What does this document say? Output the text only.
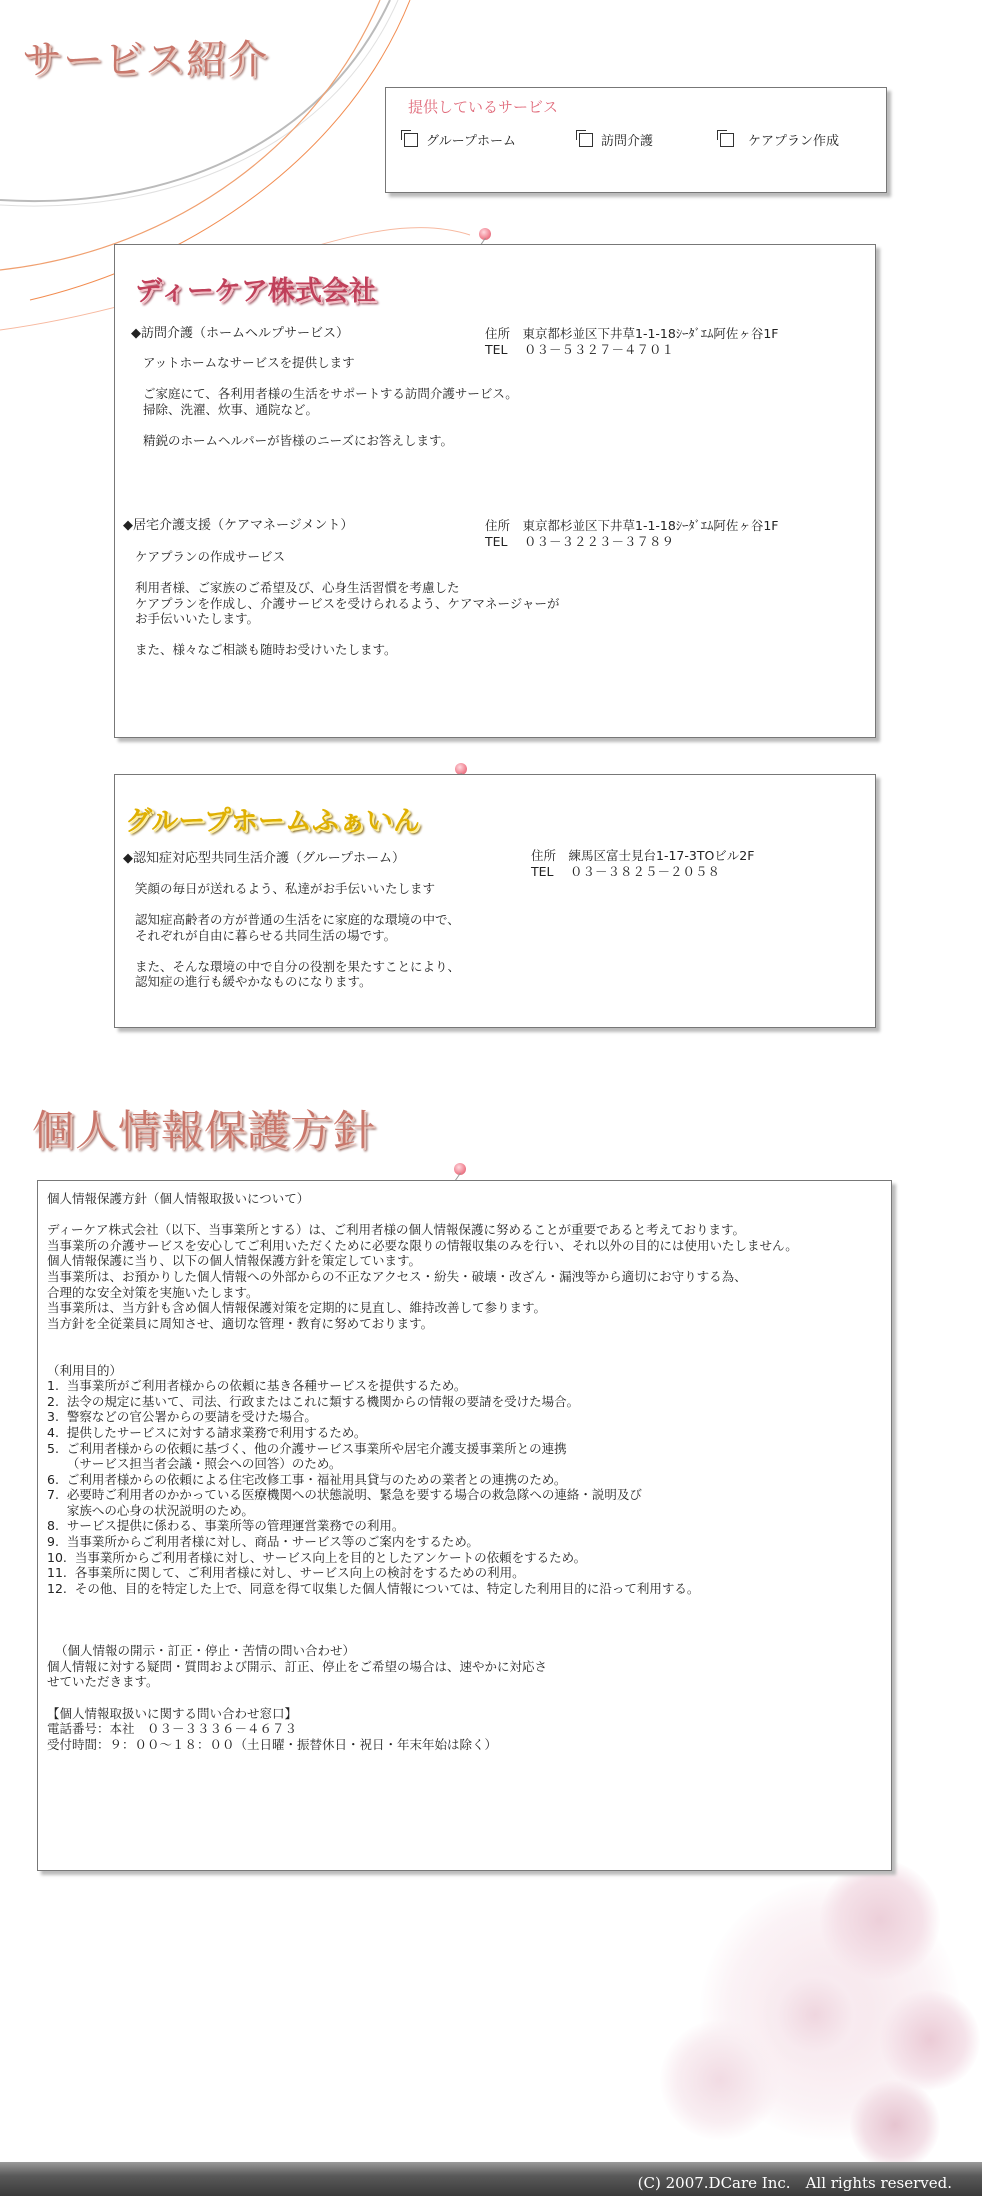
サービス紹介
提供しているサービス
グループホーム	訪問介護	ケアプラン作成
ディーケア株式会社
◆訪問介護（ホームヘルプサービス）	住所　東京都杉並区下井草1-1-18ｼｰﾀﾞｴﾑ阿佐ヶ谷1F
TEL　 ０３－５３２７－４７０１
アットホームなサービスを提供します

ご家庭にて、各利用者様の生活をサポートする訪問介護サービス。
掃除、洗濯、炊事、通院など。

精鋭のホームヘルパーが皆様のニーズにお答えします。
◆居宅介護支援（ケアマネージメント）	住所　東京都杉並区下井草1-1-18ｼｰﾀﾞｴﾑ阿佐ヶ谷1F
TEL　 ０３－３２２３－３７８９
ケアプランの作成サービス

利用者様、ご家族のご希望及び、心身生活習慣を考慮した
ケアプランを作成し、介護サービスを受けられるよう、ケアマネージャーが
お手伝いいたします。

また、様々なご相談も随時お受けいたします。
グループホームふぁいん
◆認知症対応型共同生活介護（グループホーム）	住所　練馬区富士見台1-17-3TOビル2F
TEL　 ０３－３８２５－２０５８
笑顔の毎日が送れるよう、私達がお手伝いいたします

認知症高齢者の方が普通の生活をに家庭的な環境の中で、
それぞれが自由に暮らせる共同生活の場です。

また、そんな環境の中で自分の役割を果たすことにより、
認知症の進行も緩やかなものになります。
個人情報保護方針
個人情報保護方針（個人情報取扱いについて）

ディーケア株式会社（以下、当事業所とする）は、ご利用者様の個人情報保護に努めることが重要であると考えております。
当事業所の介護サービスを安心してご利用いただくために必要な限りの情報収集のみを行い、それ以外の目的には使用いたしません。
個人情報保護に当り、以下の個人情報保護方針を策定しています。
当事業所は、お預かりした個人情報への外部からの不正なアクセス・紛失・破壊・改ざん・漏洩等から適切にお守りする為、
合理的な安全対策を実施いたします。
当事業所は、当方針も含め個人情報保護対策を定期的に見直し、維持改善して参ります。
当方針を全従業員に周知させ、適切な管理・教育に努めております。

（利用目的）
1.  当事業所がご利用者様からの依頼に基き各種サービスを提供するため。
2.  法令の規定に基いて、司法、行政またはこれに類する機関からの情報の要請を受けた場合。
3.  警察などの官公署からの要請を受けた場合。
4.  提供したサービスに対する請求業務で利用するため。
5.  ご利用者様からの依頼に基づく、他の介護サービス事業所や居宅介護支援事業所との連携
（サービス担当者会議・照会への回答）のため。
6.  ご利用者様からの依頼による住宅改修工事・福祉用具貸与のための業者との連携のため。
7.  必要時ご利用者のかかっている医療機関への状態説明、緊急を要する場合の救急隊への連絡・説明及び
家族への心身の状況説明のため。
8.  サービス提供に係わる、事業所等の管理運営業務での利用。
9.  当事業所からご利用者様に対し、商品・サービス等のご案内をするため。
10.  当事業所からご利用者様に対し、サービス向上を目的としたアンケートの依頼をするため。
11.  各事業所に関して、ご利用者様に対し、サービス向上の検討をするための利用。
12.  その他、目的を特定した上で、同意を得て収集した個人情報については、特定した利用目的に沿って利用する。

（個人情報の開示・訂正・停止・苦情の問い合わせ）
個人情報に対する疑問・質問および開示、訂正、停止をご希望の場合は、速やかに対応さ
せていただきます。

【個人情報取扱いに関する問い合わせ窓口】
電話番号：本社　０３－３３３６－４６７３
受付時間：９：００～１８：００（土日曜・振替休日・祝日・年末年始は除く）
(C) 2007.DCare Inc.　All rights reserved.
